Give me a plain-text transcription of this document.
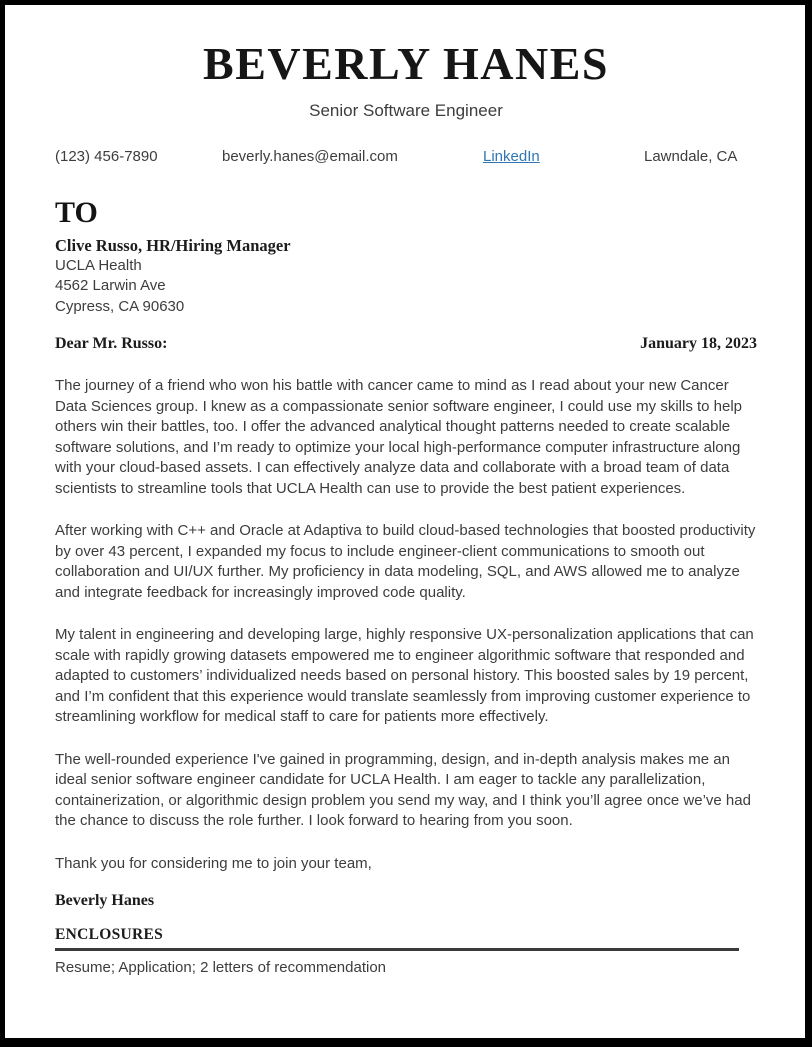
BEVERLY HANES
Senior Software Engineer
(123) 456-7890	beverly.hanes@email.com	LinkedIn	Lawndale, CA
TO
Clive Russo, HR/Hiring Manager
UCLA Health
4562 Larwin Ave
Cypress, CA 90630
Dear Mr. Russo:	January 18, 2023

The journey of a friend who won his battle with cancer came to mind as I read about your new Cancer Data Sciences group. I knew as a compassionate senior software engineer, I could use my skills to help others win their battles, too. I offer the advanced analytical thought patterns needed to create scalable software solutions, and I’m ready to optimize your local high-performance computer infrastructure along with your cloud-based assets. I can effectively analyze data and collaborate with a broad team of data scientists to streamline tools that UCLA Health can use to provide the best patient experiences.

After working with C++ and Oracle at Adaptiva to build cloud-based technologies that boosted productivity by over 43 percent, I expanded my focus to include engineer-client communications to smooth out collaboration and UI/UX further. My proficiency in data modeling, SQL, and AWS allowed me to analyze and integrate feedback for increasingly improved code quality.

My talent in engineering and developing large, highly responsive UX-personalization applications that can scale with rapidly growing datasets empowered me to engineer algorithmic software that responded and adapted to customers’ individualized needs based on personal history. This boosted sales by 19 percent, and I’m confident that this experience would translate seamlessly from improving customer experience to streamlining workflow for medical staff to care for patients more effectively.

The well-rounded experience I've gained in programming, design, and in-depth analysis makes me an ideal senior software engineer candidate for UCLA Health. I am eager to tackle any parallelization, containerization, or algorithmic design problem you send my way, and I think you’ll agree once we’ve had the chance to discuss the role further. I look forward to hearing from you soon.

Thank you for considering me to join your team,
Beverly Hanes
ENCLOSURES
Resume; Application; 2 letters of recommendation
